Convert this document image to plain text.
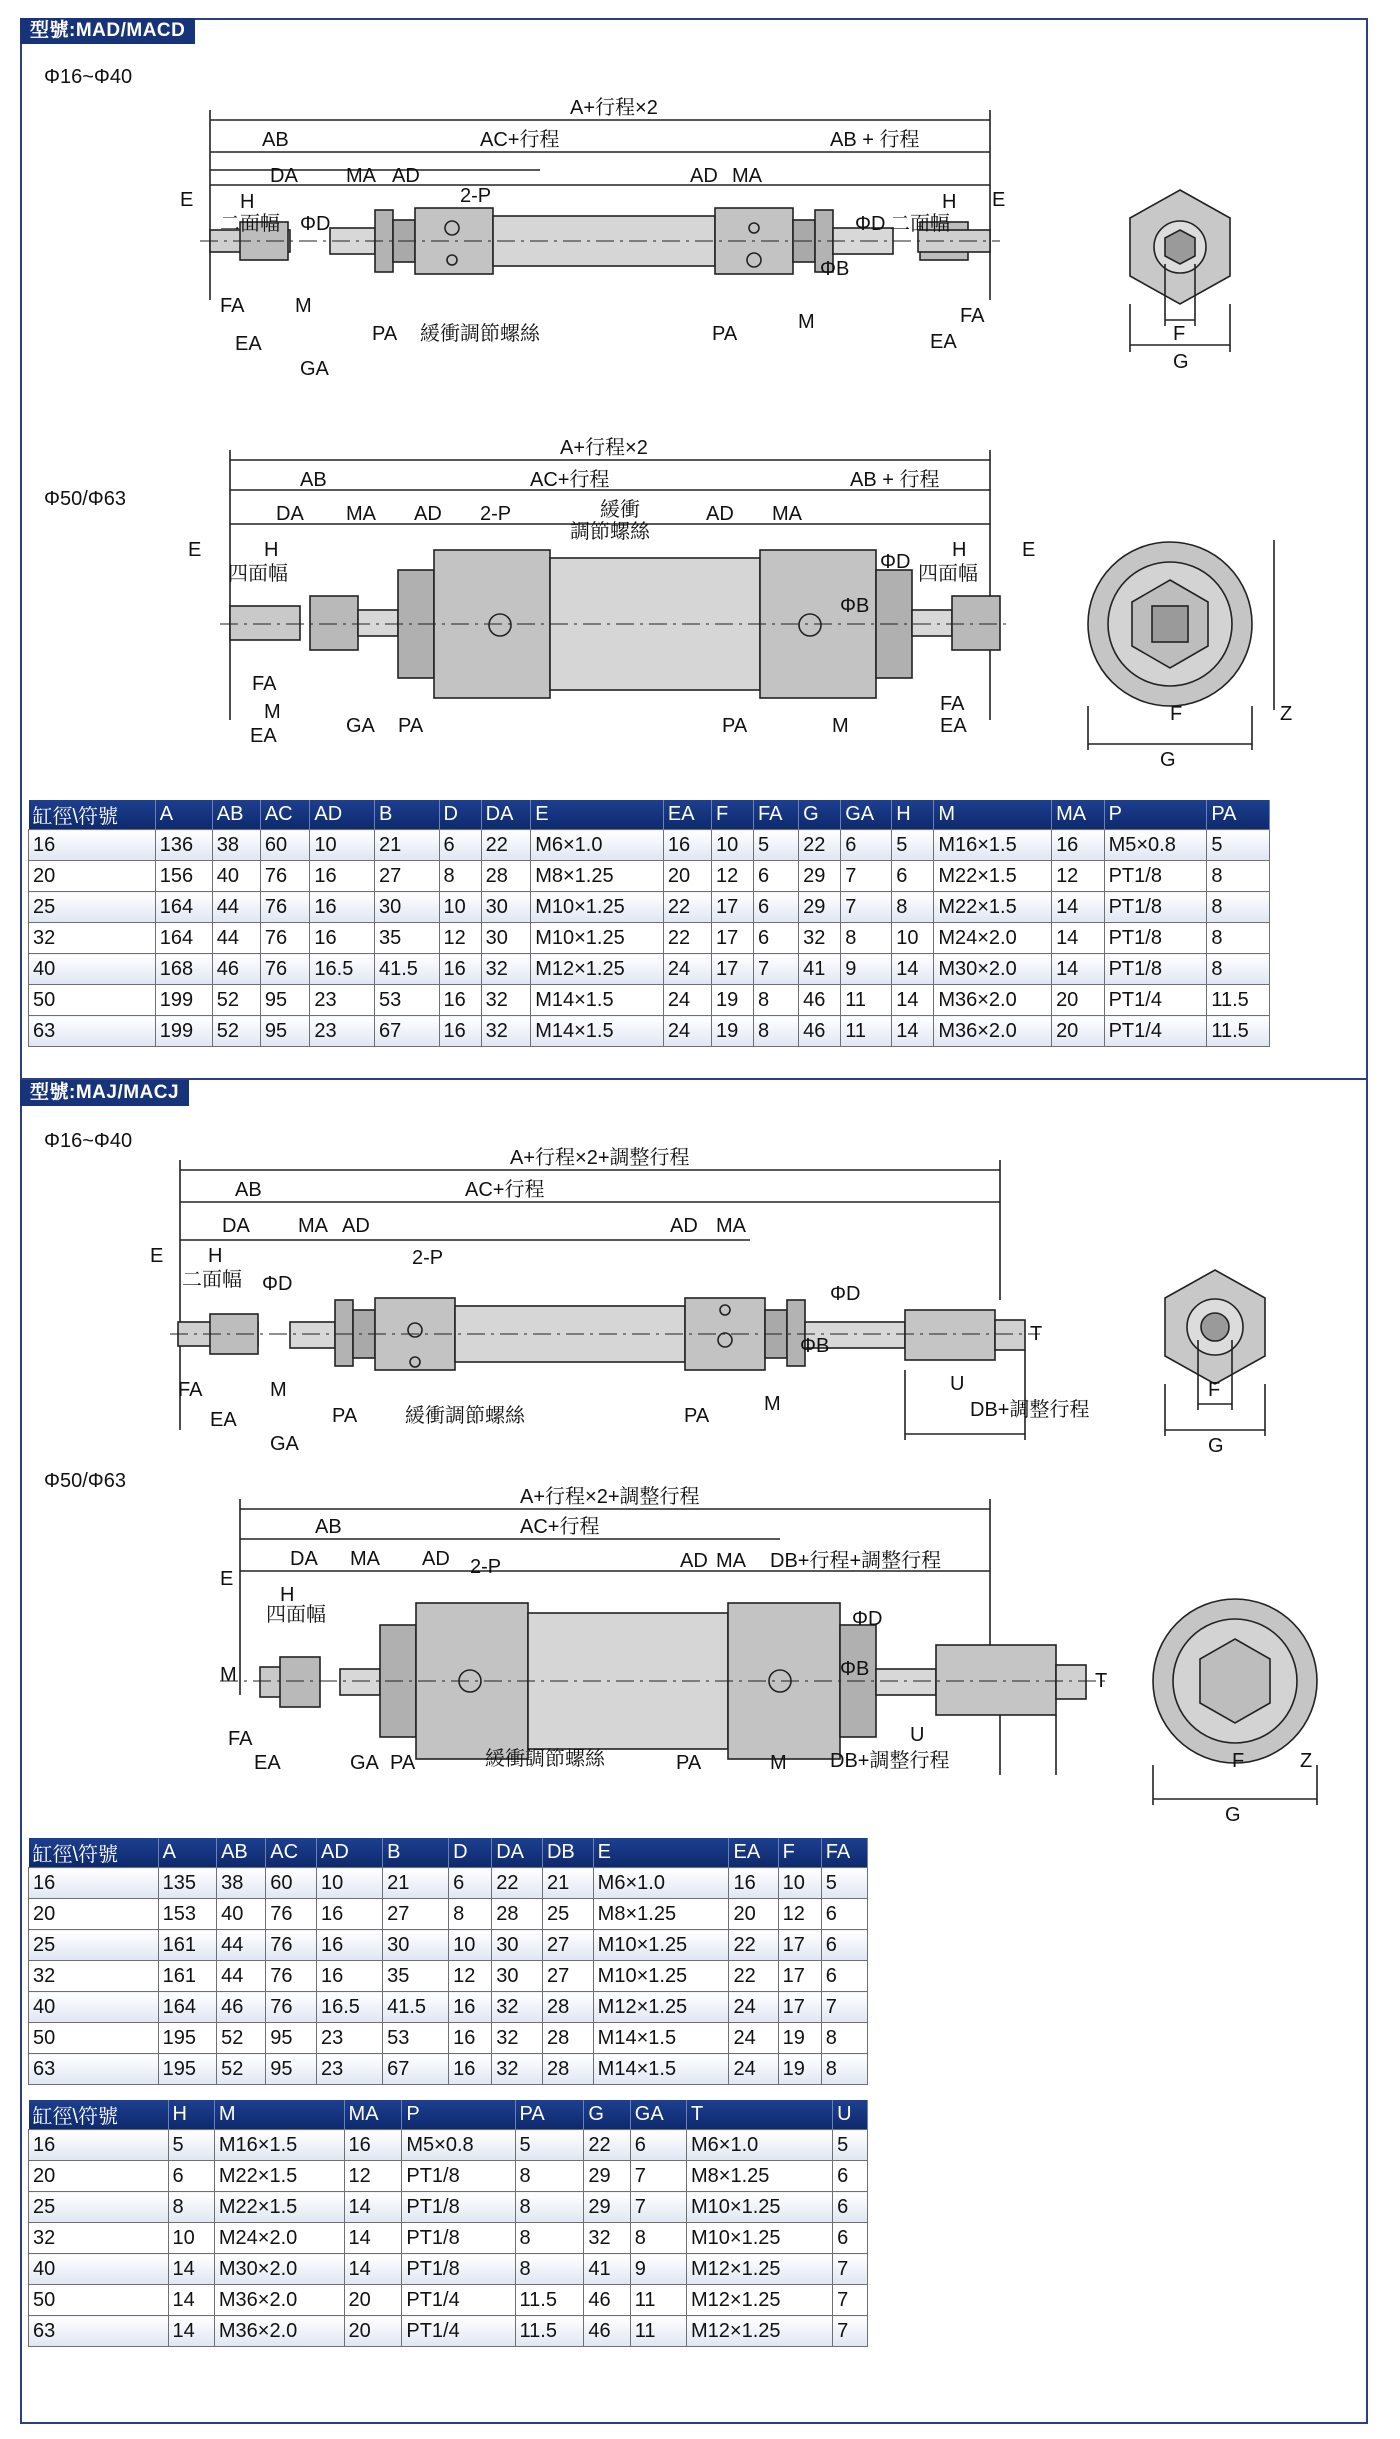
型號:MAD/MACD
Φ16~Φ40
Φ50/Φ63
A+行程×2
AB	AC+行程	AB + 行程
DA MA AD	AD MA
E H
二面幅 ΦD
2-P
ΦD
ΦB
H
二面幅
E
FA	M
PA 緩衝調節螺絲	PA
M	FA
EA
GA
EA	F
G
A+行程×2
AB	AC+行程	AB + 行程
DA MA AD 2-P	緩衝
調節螺絲
AD MA
E	H
四面幅
ΦD
H
四面幅
E
ΦB
FA
M
EA	GA PA	PA	M
FA
EA
F
G
Z
缸徑\符號	A	AB	AC	AD	B	D	DA	E	EA	F	FA	G	GA	H	M	MA	P	PA
16	136	38	60	10	21	6	22	M6×1.0	16	10	5	22	6	5	M16×1.5	16	M5×0.8	5
20	156	40	76	16	27	8	28	M8×1.25	20	12	6	29	7	6	M22×1.5	12	PT1/8	8
25	164	44	76	16	30	10	30	M10×1.25	22	17	6	29	7	8	M22×1.5	14	PT1/8	8
32	164	44	76	16	35	12	30	M10×1.25	22	17	6	32	8	10	M24×2.0	14	PT1/8	8
40	168	46	76	16.5	41.5	16	32	M12×1.25	24	17	7	41	9	14	M30×2.0	14	PT1/8	8
50	199	52	95	23	53	16	32	M14×1.5	24	19	8	46	11	14	M36×2.0	20	PT1/4	11.5
63	199	52	95	23	67	16	32	M14×1.5	24	19	8	46	11	14	M36×2.0	20	PT1/4	11.5
型號:MAJ/MACJ
Φ16~Φ40
Φ50/Φ63
A+行程×2+調整行程
AB	AC+行程
DA MA AD	AD MA
E H
二面幅 ΦD
2-P
ΦD
ΦB
T
FA	M
PA 緩衝調節螺絲	PA
M
U
EA
GA
DB+調整行程
F
G
A+行程×2+調整行程
AB	AC+行程
DA MA AD 2-P	AD MA DB+行程+調整行程
E
H
四面幅	ΦD
M	ΦB
T
FA
EA	GA PA	緩衝調節螺絲	PA	M DB+調整行程
U
F
G
Z
缸徑\符號	A	AB	AC	AD	B	D	DA	DB	E	EA	F	FA
16	135	38	60	10	21	6	22	21	M6×1.0	16	10	5
20	153	40	76	16	27	8	28	25	M8×1.25	20	12	6
25	161	44	76	16	30	10	30	27	M10×1.25	22	17	6
32	161	44	76	16	35	12	30	27	M10×1.25	22	17	6
40	164	46	76	16.5	41.5	16	32	28	M12×1.25	24	17	7
50	195	52	95	23	53	16	32	28	M14×1.5	24	19	8
63	195	52	95	23	67	16	32	28	M14×1.5	24	19	8
缸徑\符號	H	M	MA	P	PA	G	GA	T	U
16	5	M16×1.5	16	M5×0.8	5	22	6	M6×1.0	5
20	6	M22×1.5	12	PT1/8	8	29	7	M8×1.25	6
25	8	M22×1.5	14	PT1/8	8	29	7	M10×1.25	6
32	10	M24×2.0	14	PT1/8	8	32	8	M10×1.25	6
40	14	M30×2.0	14	PT1/8	8	41	9	M12×1.25	7
50	14	M36×2.0	20	PT1/4	11.5	46	11	M12×1.25	7
63	14	M36×2.0	20	PT1/4	11.5	46	11	M12×1.25	7
